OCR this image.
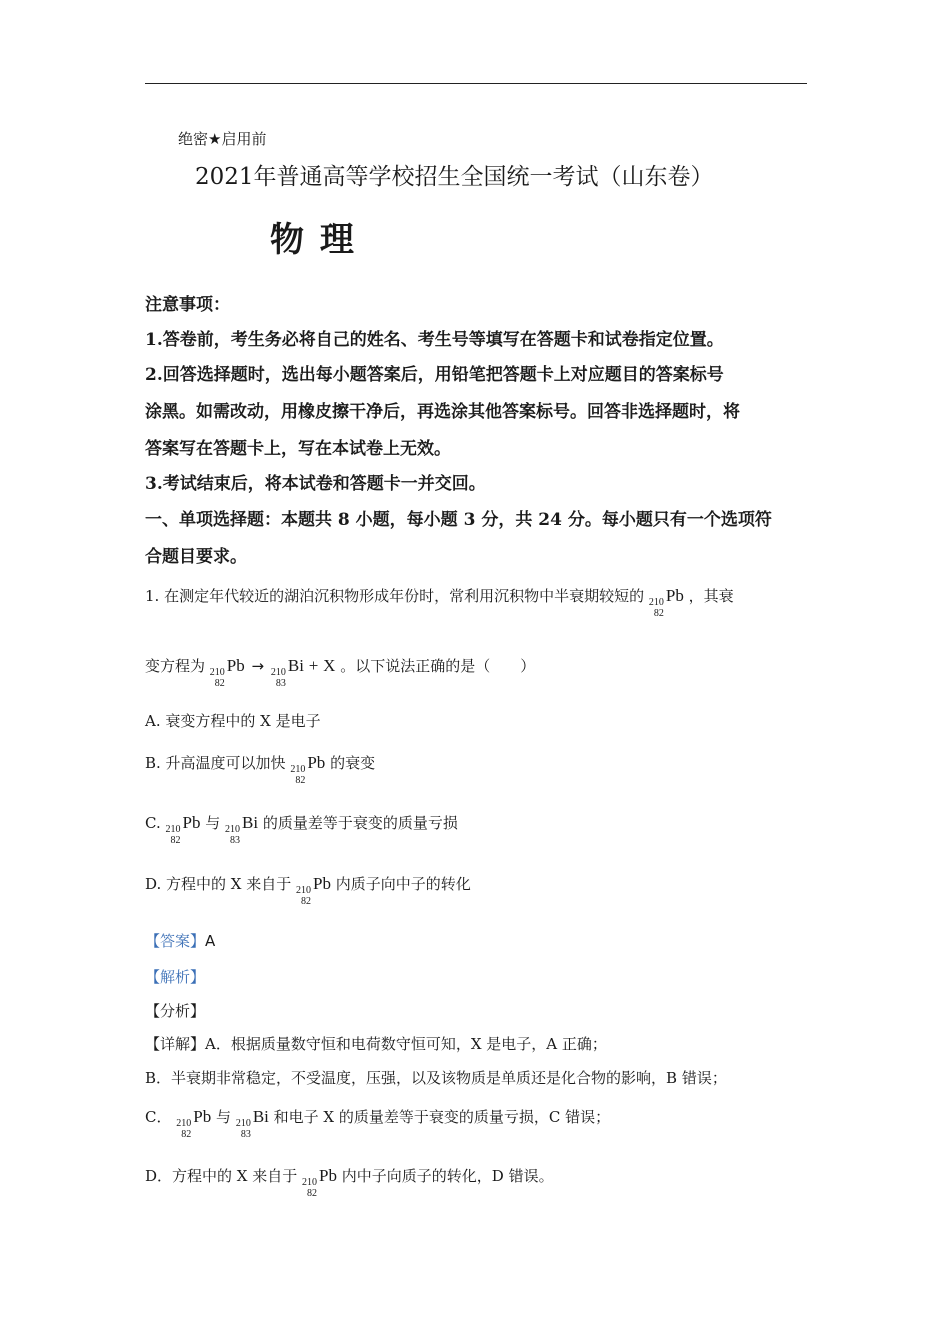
绝密★启用前
2021年普通高等学校招生全国统一考试（山东卷）
物 理
注意事项：
1.答卷前，考生务必将自己的姓名、考生号等填写在答题卡和试卷指定位置。
2.回答选择题时，选出每小题答案后，用铅笔把答题卡上对应题目的答案标号
涂黑。如需改动，用橡皮擦干净后，再选涂其他答案标号。回答非选择题时，将
答案写在答题卡上，写在本试卷上无效。
3.考试结束后，将本试卷和答题卡一并交回。
一、单项选择题：本题共 8 小题，每小题 3 分，共 24 分。每小题只有一个选项符
合题目要求。
1. 在测定年代较近的湖泊沉积物形成年份时，常利用沉积物中半衰期较短的 210
82
Pb ，其衰
变方程为 210
82
Pb → 210
83
Bi + X 。以下说法正确的是（　　）
A. 衰变方程中的 X 是电子
B. 升高温度可以加快 210
82
Pb 的衰变
C. 210
82
Pb 与 210
83
Bi 的质量差等于衰变的质量亏损
D. 方程中的 X 来自于 210
82
Pb 内质子向中子的转化
【答案】A
【解析】
【分析】
【详解】A．根据质量数守恒和电荷数守恒可知，X 是电子，A 正确；
B．半衰期非常稳定，不受温度，压强，以及该物质是单质还是化合物的影响，B 错误；
C． 210
82
Pb 与 210
83
Bi 和电子 X 的质量差等于衰变的质量亏损，C 错误；
D．方程中的 X 来自于 210
82
Pb 内中子向质子的转化，D 错误。
